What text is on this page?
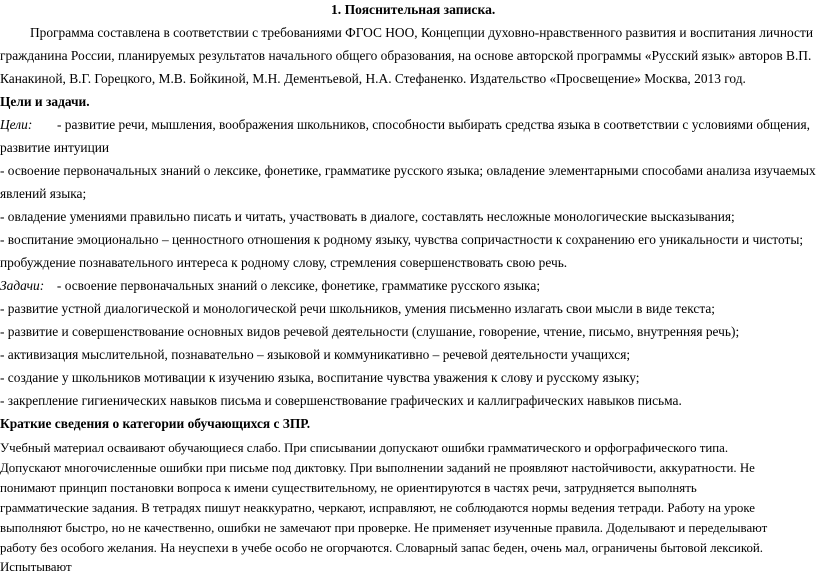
1. Пояснительная записка.
Программа составлена в соответствии с требованиями ФГОС НОО, Концепции духовно-нравственного развития и воспитания личности
гражданина России, планируемых результатов начального общего образования, на основе авторской программы «Русский язык» авторов В.П.
Канакиной, В.Г. Горецкого, М.В. Бойкиной, М.Н. Дементьевой, Н.А. Стефаненко. Издательство «Просвещение» Москва, 2013 год.
Цели и задачи.
Цели: - развитие речи, мышления, воображения школьников, способности выбирать средства языка в соответствии с условиями общения,
развитие интуиции
- освоение первоначальных знаний о лексике, фонетике, грамматике русского языка; овладение элементарными способами анализа изучаемых
явлений языка;
- овладение умениями правильно писать и читать, участвовать в диалоге, составлять несложные монологические высказывания;
- воспитание эмоционально – ценностного отношения к родному языку, чувства сопричастности к сохранению его уникальности и чистоты;
пробуждение познавательного интереса к родному слову, стремления совершенствовать свою речь.
Задачи: - освоение первоначальных знаний о лексике, фонетике, грамматике русского языка;
- развитие устной диалогической и монологической речи школьников, умения письменно излагать свои мысли в виде текста;
- развитие и совершенствование основных видов речевой деятельности (слушание, говорение, чтение, письмо, внутренняя речь);
- активизация мыслительной, познавательно – языковой и коммуникативно – речевой деятельности учащихся;
- создание у школьников мотивации к изучению языка, воспитание чувства уважения к слову и русскому языку;
- закрепление гигиенических навыков письма и совершенствование графических и каллиграфических навыков письма.
Краткие сведения о категории обучающихся с ЗПР.
Учебный материал осваивают обучающиеся слабо. При списывании допускают ошибки грамматического и орфографического типа.
Допускают многочисленные ошибки при письме под диктовку. При выполнении заданий не проявляют настойчивости, аккуратности. Не
понимают принцип постановки вопроса к имени существительному, не ориентируются в частях речи, затрудняется выполнять
грамматические задания. В тетрадях пишут неаккуратно, черкают, исправляют, не соблюдаются нормы ведения тетради. Работу на уроке
выполняют быстро, но не качественно, ошибки не замечают при проверке. Не применяет изученные правила. Доделывают и переделывают
работу без особого желания. На неуспехи в учебе особо не огорчаются. Словарный запас беден, очень мал, ограничены бытовой лексикой.
Испытывают
